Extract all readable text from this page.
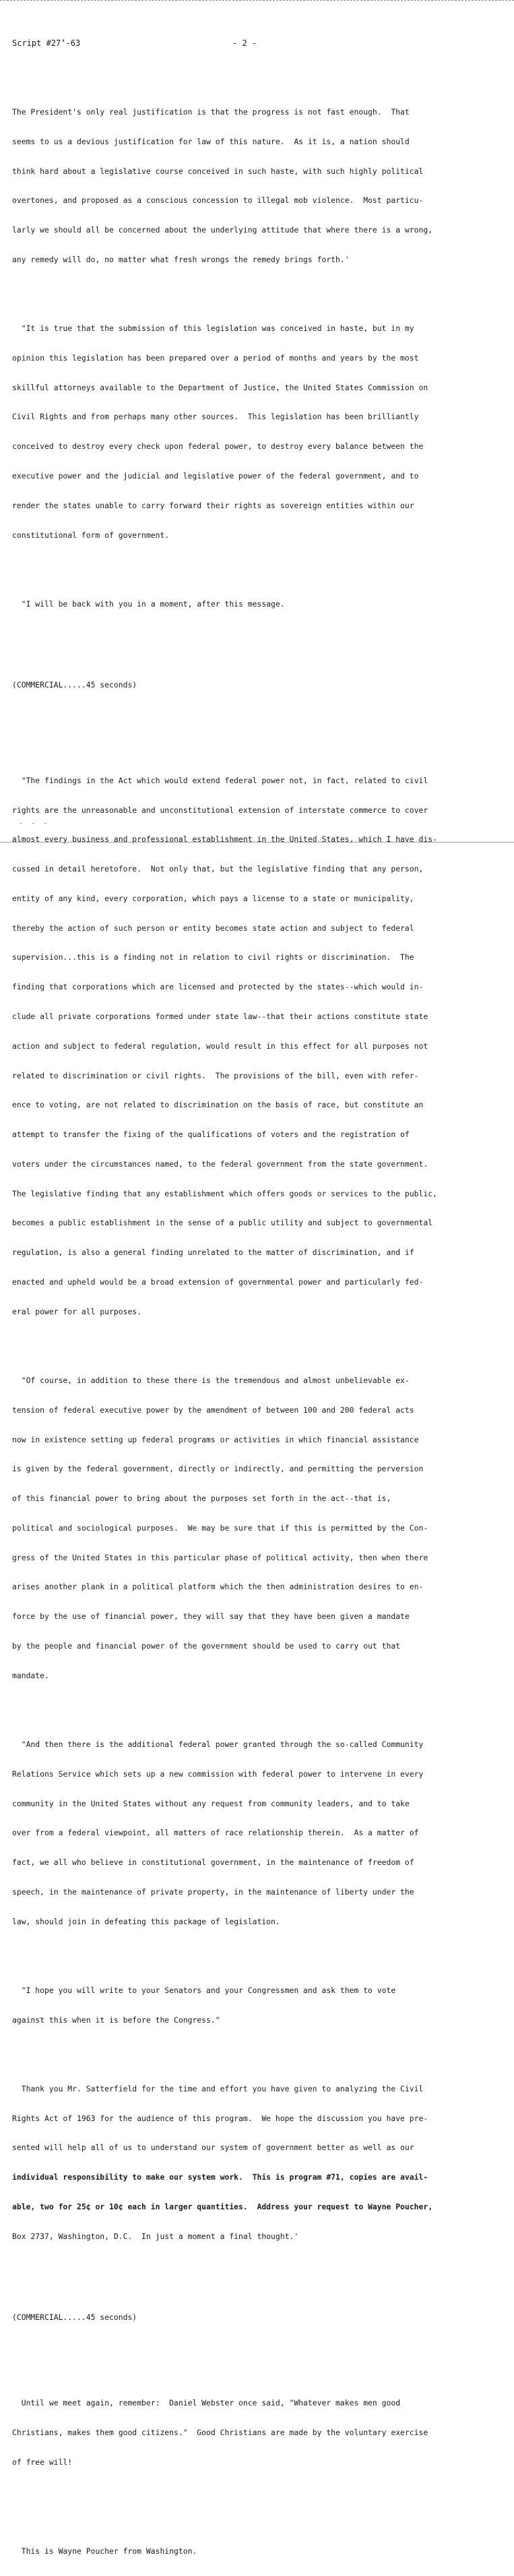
Script #27’-63	- 2 -

The President's only real justification is that the progress is not fast enough.  That

seems to us a devious justification for law of this nature.  As it is, a nation should

think hard about a legislative course conceived in such haste, with such highly political

overtones, and proposed as a conscious concession to illegal mob violence.  Most particu-

larly we should all be concerned about the underlying attitude that where there is a wrong,

any remedy will do, no matter what fresh wrongs the remedy brings forth.'

"It is true that the submission of this legislation was conceived in haste, but in my

opinion this legislation has been prepared over a period of months and years by the most

skillful attorneys available to the Department of Justice, the United States Commission on

Civil Rights and from perhaps many other sources.  This legislation has been brilliantly

conceived to destroy every check upon federal power, to destroy every balance between the

executive power and the judicial and legislative power of the federal government, and to

render the states unable to carry forward their rights as sovereign entities within our

constitutional form of government.

"I will be back with you in a moment, after this message.

(COMMERCIAL.....45 seconds)

"The findings in the Act which would extend federal power not, in fact, related to civil

rights are the unreasonable and unconstitutional extension of interstate commerce to cover

almost every business and professional establishment in the United States, which I have dis-

cussed in detail heretofore.  Not only that, but the legislative finding that any person,

entity of any kind, every corporation, which pays a license to a state or municipality,

thereby the action of such person or entity becomes state action and subject to federal

supervision...this is a finding not in relation to civil rights or discrimination.  The

finding that corporations which are licensed and protected by the states--which would in-

clude all private corporations formed under state law--that their actions constitute state

action and subject to federal regulation, would result in this effect for all purposes not

related to discrimination or civil rights.  The provisions of the bill, even with refer-

ence to voting, are not related to discrimination on the basis of race, but constitute an

attempt to transfer the fixing of the qualifications of voters and the registration of

voters under the circumstances named, to the federal government from the state government.

The legislative finding that any establishment which offers goods or services to the public,

becomes a public establishment in the sense of a public utility and subject to governmental

regulation, is also a general finding unrelated to the matter of discrimination, and if

enacted and upheld would be a broad extension of governmental power and particularly fed-

eral power for all purposes.

"Of course, in addition to these there is the tremendous and almost unbelievable ex-

tension of federal executive power by the amendment of between 100 and 200 federal acts

now in existence setting up federal programs or activities in which financial assistance

is given by the federal government, directly or indirectly, and permitting the perversion

of this financial power to bring about the purposes set forth in the act--that is,

political and sociological purposes.  We may be sure that if this is permitted by the Con-

gress of the United States in this particular phase of political activity, then when there

arises another plank in a political platform which the then administration desires to en-

force by the use of financial power, they will say that they have been given a mandate

by the people and financial power of the government should be used to carry out that

mandate.

"And then there is the additional federal power granted through the so-called Community

Relations Service which sets up a new commission with federal power to intervene in every

community in the United States without any request from community leaders, and to take

over from a federal viewpoint, all matters of race relationship therein.  As a matter of

fact, we all who believe in constitutional government, in the maintenance of freedom of

speech, in the maintenance of private property, in the maintenance of liberty under the

law, should join in defeating this package of legislation.

"I hope you will write to your Senators and your Congressmen and ask them to vote

against this when it is before the Congress."

Thank you Mr. Satterfield for the time and effort you have given to analyzing the Civil

Rights Act of 1963 for the audience of this program.  We hope the discussion you have pre-

sented will help all of us to understand our system of government better as well as our

individual responsibility to make our system work.  This is program #71, copies are avail-

able, two for 25¢ or 10¢ each in larger quantities.  Address your request to Wayne Poucher,

Box 2737, Washington, D.C.  In just a moment a final thought.'

(COMMERCIAL.....45 seconds)

Until we meet again, remember:  Daniel Webster once said, "Whatever makes men good

Christians, makes them good citizens."  Good Christians are made by the voluntary exercise

of free will!

This is Wayne Poucher from Washington.

· · ·
